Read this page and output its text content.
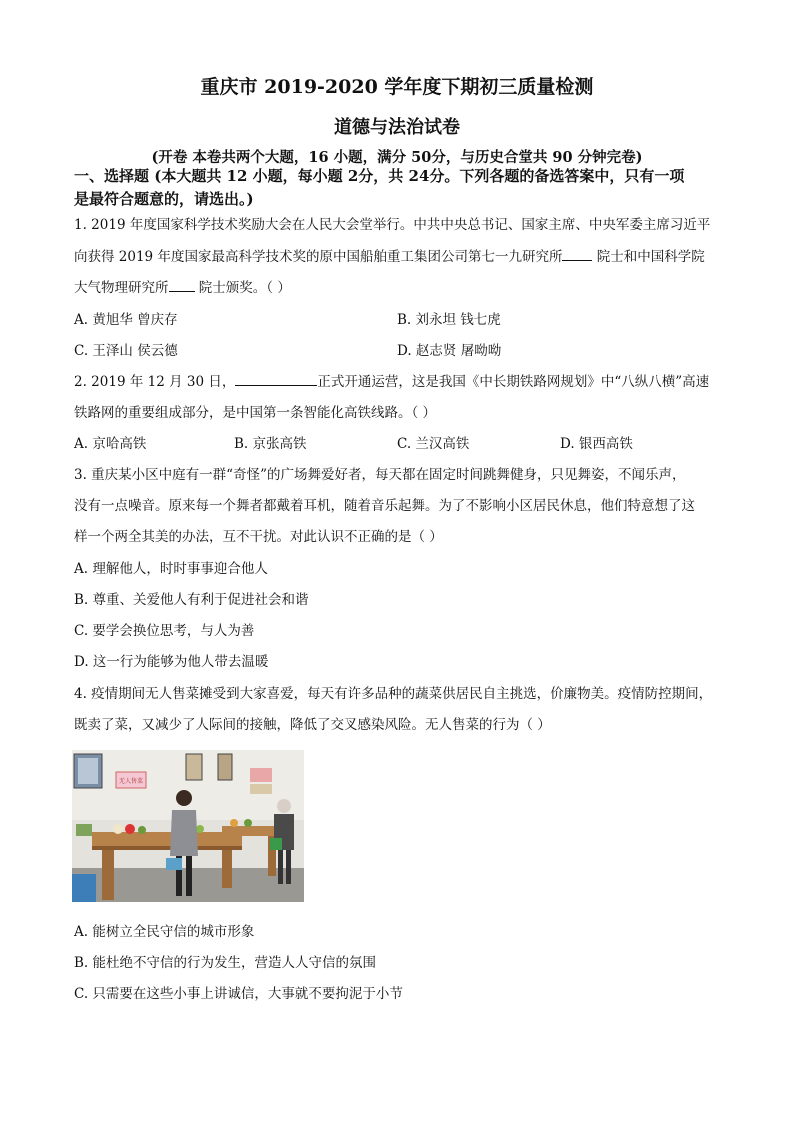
重庆市 2019-2020 学年度下期初三质量检测
道德与法治试卷
(开卷 本卷共两个大题，16 小题，满分 50分，与历史合堂共 90 分钟完卷)
一、选择题 (本大题共 12 小题，每小题 2分，共 24分。下列各题的备选答案中，只有一项
是最符合题意的，请选出。)
1. 2019 年度国家科学技术奖励大会在人民大会堂举行。中共中央总书记、国家主席、中央军委主席习近平
向获得 2019 年度国家最高科学技术奖的原中国船舶重工集团公司第七一九研究所	院士和中国科学院
大气物理研究所 院士颁奖。（ ）
A. 黄旭华 曾庆存	B. 刘永坦 钱七虎
C. 王泽山 侯云德	D. 赵志贤 屠呦呦
2. 2019 年 12 月 30 日，	正式开通运营，这是我国《中长期铁路网规划》中“八纵八横”高速
铁路网的重要组成部分，是中国第一条智能化高铁线路。（ ）
A. 京哈高铁	B. 京张高铁	C. 兰汉高铁	D. 银西高铁
3. 重庆某小区中庭有一群“奇怪”的广场舞爱好者，每天都在固定时间跳舞健身，只见舞姿，不闻乐声，
没有一点噪音。原来每一个舞者都戴着耳机，随着音乐起舞。为了不影响小区居民休息，他们特意想了这
样一个两全其美的办法，互不干扰。对此认识不正确的是（ ）
A. 理解他人，时时事事迎合他人
B. 尊重、关爱他人有利于促进社会和谐
C. 要学会换位思考，与人为善
D. 这一行为能够为他人带去温暖
4. 疫情期间无人售菜摊受到大家喜爱，每天有许多品种的蔬菜供居民自主挑选，价廉物美。疫情防控期间，
既卖了菜，又减少了人际间的接触，降低了交叉感染风险。无人售菜的行为（ ）
无人售菜
A. 能树立全民守信的城市形象
B. 能杜绝不守信的行为发生，营造人人守信的氛围
C. 只需要在这些小事上讲诚信，大事就不要拘泥于小节
